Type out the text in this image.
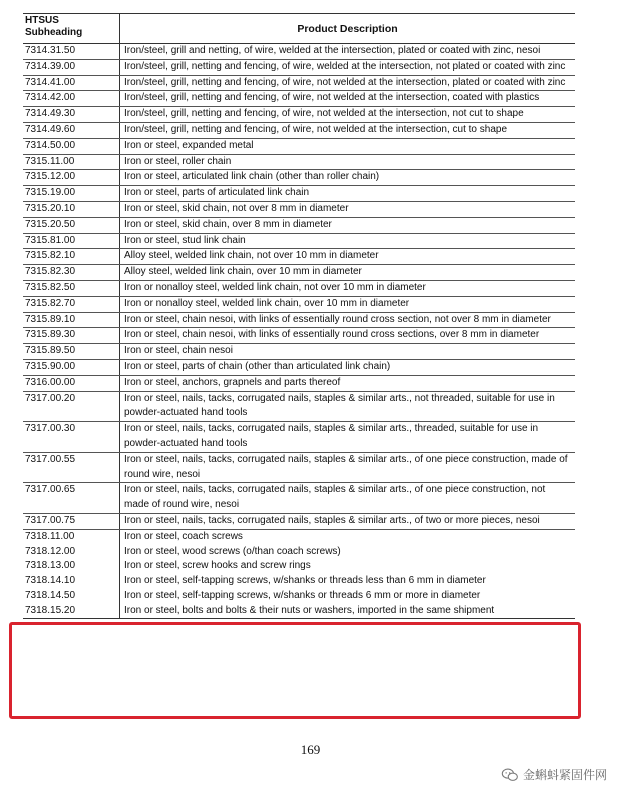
HTSUS
Subheading	Product Description
7314.31.50	Iron/steel, grill and netting, of wire, welded at the intersection, plated or coated with zinc, nesoi
7314.39.00	Iron/steel, grill, netting and fencing, of wire, welded at the intersection, not plated or coated with zinc
7314.41.00	Iron/steel, grill, netting and fencing, of wire, not welded at the intersection, plated or coated with zinc
7314.42.00	Iron/steel, grill, netting and fencing, of wire, not welded at the intersection, coated with plastics
7314.49.30	Iron/steel, grill, netting and fencing, of wire, not welded at the intersection, not cut to shape
7314.49.60	Iron/steel, grill, netting and fencing, of wire, not welded at the intersection, cut to shape
7314.50.00	Iron or steel, expanded metal
7315.11.00	Iron or steel, roller chain
7315.12.00	Iron or steel, articulated link chain (other than roller chain)
7315.19.00	Iron or steel, parts of articulated link chain
7315.20.10	Iron or steel, skid chain, not over 8 mm in diameter
7315.20.50	Iron or steel, skid chain, over 8 mm in diameter
7315.81.00	Iron or steel, stud link chain
7315.82.10	Alloy steel, welded link chain, not over 10 mm in diameter
7315.82.30	Alloy steel, welded link chain, over 10 mm in diameter
7315.82.50	Iron or nonalloy steel, welded link chain, not over 10 mm in diameter
7315.82.70	Iron or nonalloy steel, welded link chain, over 10 mm in diameter
7315.89.10	Iron or steel, chain nesoi, with links of essentially round cross section, not over 8 mm in diameter
7315.89.30	Iron or steel, chain nesoi, with links of essentially round cross sections, over 8 mm in diameter
7315.89.50	Iron or steel, chain nesoi
7315.90.00	Iron or steel, parts of chain (other than articulated link chain)
7316.00.00	Iron or steel, anchors, grapnels and parts thereof
7317.00.20	Iron or steel, nails, tacks, corrugated nails, staples & similar arts., not threaded, suitable for use in powder-actuated hand tools
7317.00.30	Iron or steel, nails, tacks, corrugated nails, staples & similar arts., threaded, suitable for use in powder-actuated hand tools
7317.00.55	Iron or steel, nails, tacks, corrugated nails, staples & similar arts., of one piece construction, made of round wire, nesoi
7317.00.65	Iron or steel, nails, tacks, corrugated nails, staples & similar arts., of one piece construction, not made of round wire, nesoi
7317.00.75	Iron or steel, nails, tacks, corrugated nails, staples & similar arts., of two or more pieces, nesoi
7318.11.00	Iron or steel, coach screws
7318.12.00	Iron or steel, wood screws (o/than coach screws)
7318.13.00	Iron or steel, screw hooks and screw rings
7318.14.10	Iron or steel, self-tapping screws, w/shanks or threads less than 6 mm in diameter
7318.14.50	Iron or steel, self-tapping screws, w/shanks or threads 6 mm or more in diameter
7318.15.20	Iron or steel, bolts and bolts & their nuts or washers, imported in the same shipment
169
金蝌蚪紧固件网
